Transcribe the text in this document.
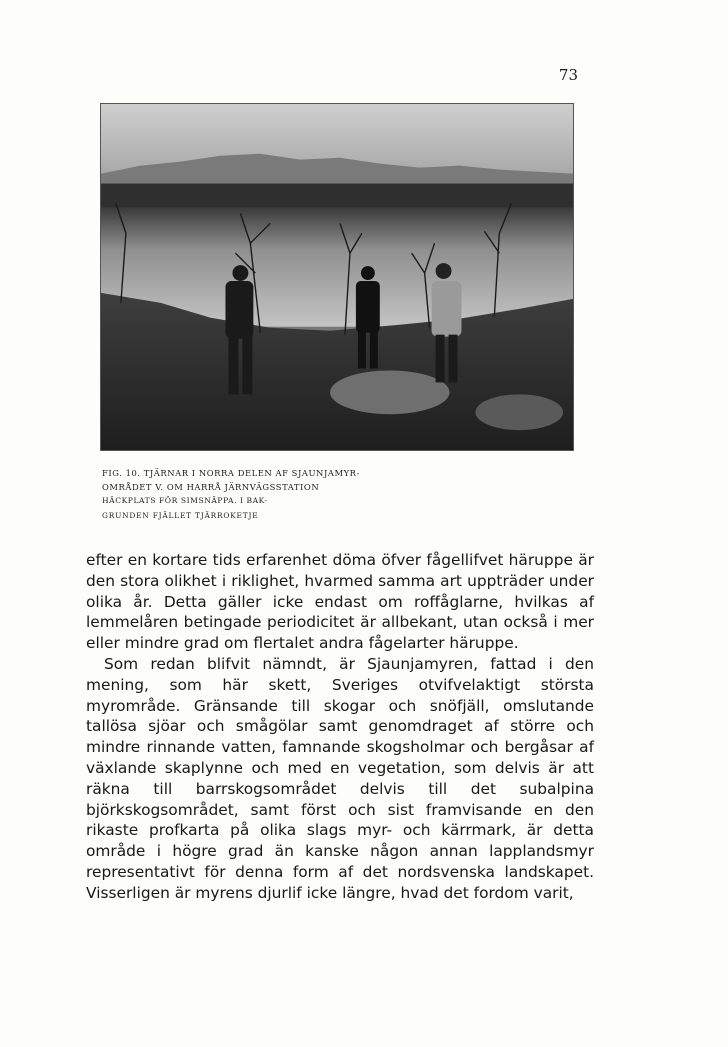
73
FIG. 10. TJÄRNAR I NORRA DELEN AF SJAUNJAMYR-
OMRÅDET V. OM HARRÅ JÄRNVÄGSSTATION
HÄCKPLATS FÖR SIMSNÄPPA. I BAK-
GRUNDEN FJÄLLET TJÄRROKETJE

efter en kortare tids erfarenhet döma öfver fågellifvet häruppe är den stora olikhet i riklighet, hvarmed samma art uppträder under olika år. Detta gäller icke endast om roffåglarne, hvilkas af lemmelåren betingade periodicitet är allbekant, utan också i mer eller mindre grad om flertalet andra fågelarter häruppe.

Som redan blifvit nämndt, är Sjaunjamyren, fattad i den mening, som här skett, Sveriges otvifvelaktigt största myrområde. Gränsande till skogar och snöfjäll, omslutande tallösa sjöar och smågölar samt genomdraget af större och mindre rinnande vatten, famnande skogsholmar och bergåsar af växlande skaplynne och med en vegetation, som delvis är att räkna till barrskogsområdet delvis till det subalpina björkskogsområdet, samt först och sist framvisande en den rikaste profkarta på olika slags myr- och kärrmark, är detta område i högre grad än kanske någon annan lapplandsmyr representativt för denna form af det nordsvenska landskapet. Visserligen är myrens djurlif icke längre, hvad det fordom varit,
